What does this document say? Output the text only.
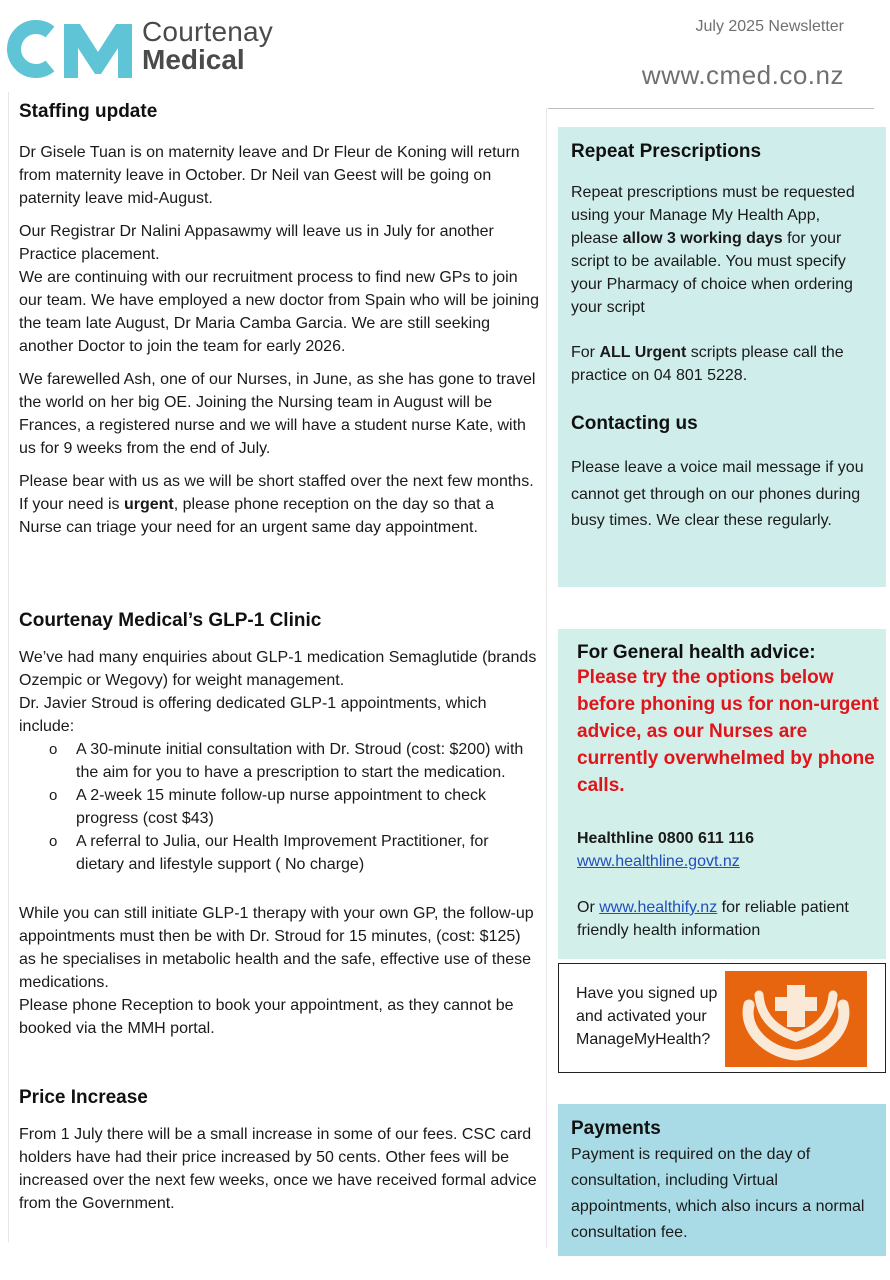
Courtenay
Medical
July 2025 Newsletter
www.cmed.co.nz
Staffing update

Dr Gisele Tuan is on maternity leave and Dr Fleur de Koning will return from maternity leave in October. Dr Neil van Geest will be going on paternity leave mid-August.

Our Registrar Dr Nalini Appasawmy will leave us in July for another Practice placement.

We are continuing with our recruitment process to find new GPs to join our team. We have employed a new doctor from Spain who will be joining the team late August, Dr Maria Camba Garcia. We are still seeking another Doctor to join the team for early 2026.

We farewelled Ash, one of our Nurses, in June, as she has gone to travel the world on her big OE. Joining the Nursing team in August will be Frances, a registered nurse and we will have a student nurse Kate, with us for 9 weeks from the end of July.

Please bear with us as we will be short staffed over the next few months.

If your need is urgent, please phone reception on the day so that a Nurse can triage your need for an urgent same day appointment.

Courtenay Medical’s GLP-1 Clinic

We’ve had many enquiries about GLP-1 medication Semaglutide (brands Ozempic or Wegovy) for weight management.

Dr. Javier Stroud is offering dedicated GLP-1 appointments, which include:

o A 30-minute initial consultation with Dr. Stroud (cost: $200) with the aim for you to have a prescription to start the medication.
o A 2-week 15 minute follow-up nurse appointment to check progress (cost $43)
o A referral to Julia, our Health Improvement Practitioner, for dietary and lifestyle support ( No charge)

While you can still initiate GLP-1 therapy with your own GP, the follow-up appointments must then be with Dr. Stroud for 15 minutes, (cost: $125) as he specialises in metabolic health and the safe, effective use of these medications.

Please phone Reception to book your appointment, as they cannot be booked via the MMH portal.

Price Increase

From 1 July there will be a small increase in some of our fees. CSC card holders have had their price increased by 50 cents. Other fees will be increased over the next few weeks, once we have received formal advice from the Government.

Repeat Prescriptions

Repeat prescriptions must be requested using your Manage My Health App, please allow 3 working days for your script to be available. You must specify your Pharmacy of choice when ordering your script

For ALL Urgent scripts please call the practice on 04 801 5228.

Contacting us

Please leave a voice mail message if you cannot get through on our phones during busy times. We clear these regularly.

For General health advice:
Please try the options below before phoning us for non-urgent advice, as our Nurses are currently overwhelmed by phone calls.

Healthline 0800 611 116

www.healthline.govt.nz

Or www.healthify.nz for reliable patient friendly health information

Have you signed up and activated your ManageMyHealth?

Payments

Payment is required on the day of consultation, including Virtual appointments, which also incurs a normal consultation fee.
